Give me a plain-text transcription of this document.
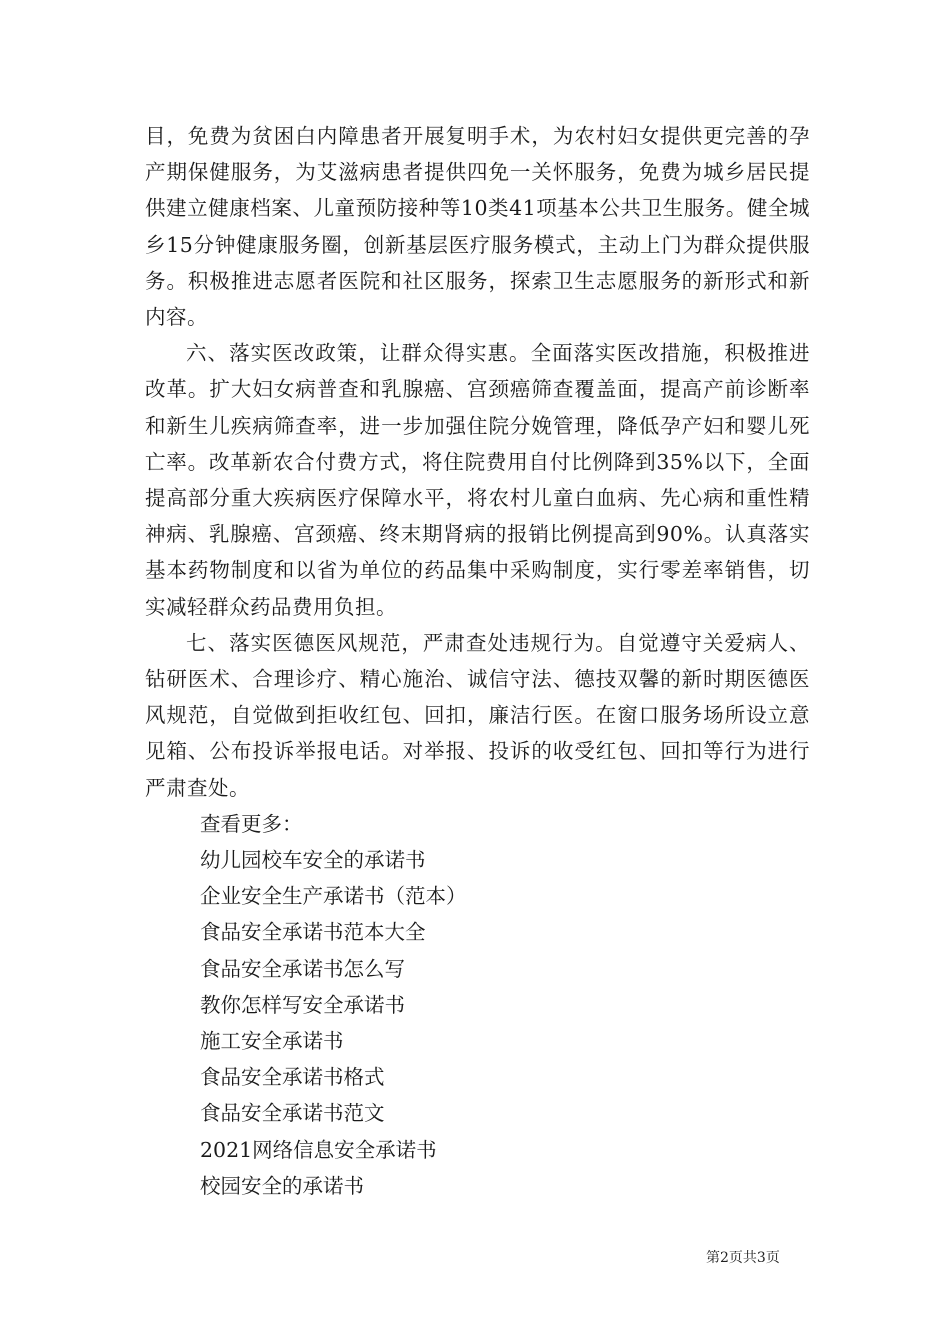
目，免费为贫困白内障患者开展复明手术，为农村妇女提供更完善的孕产期保健服务，为艾滋病患者提供四免一关怀服务，免费为城乡居民提供建立健康档案、儿童预防接种等10类41项基本公共卫生服务。健全城乡15分钟健康服务圈，创新基层医疗服务模式，主动上门为群众提供服务。积极推进志愿者医院和社区服务，探索卫生志愿服务的新形式和新内容。

六、落实医改政策，让群众得实惠。全面落实医改措施，积极推进改革。扩大妇女病普查和乳腺癌、宫颈癌筛查覆盖面，提高产前诊断率和新生儿疾病筛查率，进一步加强住院分娩管理，降低孕产妇和婴儿死亡率。改革新农合付费方式，将住院费用自付比例降到35%以下，全面提高部分重大疾病医疗保障水平，将农村儿童白血病、先心病和重性精神病、乳腺癌、宫颈癌、终末期肾病的报销比例提高到90%。认真落实基本药物制度和以省为单位的药品集中采购制度，实行零差率销售，切实减轻群众药品费用负担。

七、落实医德医风规范，严肃查处违规行为。自觉遵守关爱病人、钻研医术、合理诊疗、精心施治、诚信守法、德技双馨的新时期医德医风规范，自觉做到拒收红包、回扣，廉洁行医。在窗口服务场所设立意见箱、公布投诉举报电话。对举报、投诉的收受红包、回扣等行为进行严肃查处。

查看更多：

幼儿园校车安全的承诺书
企业安全生产承诺书（范本）
食品安全承诺书范本大全
食品安全承诺书怎么写
教你怎样写安全承诺书
施工安全承诺书
食品安全承诺书格式
食品安全承诺书范文
2021网络信息安全承诺书
校园安全的承诺书
第2页共3页
